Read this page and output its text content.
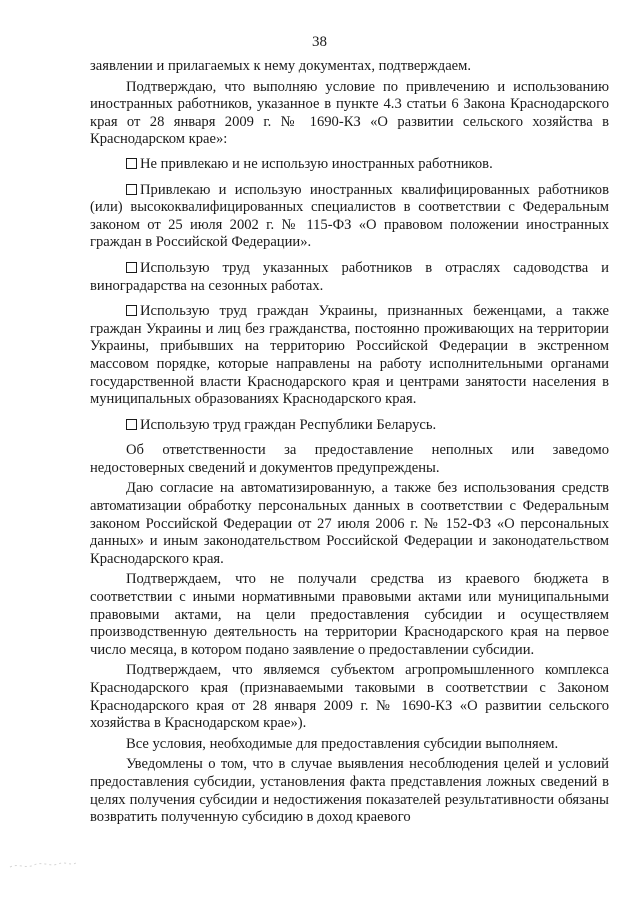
38

заявлении и прилагаемых к нему документах, подтверждаем.

Подтверждаю, что выполняю условие по привлечению и использованию иностранных работников, указанное в пункте 4.3 статьи 6 Закона Краснодарского края от 28 января 2009 г. № 1690-КЗ «О развитии сельского хозяйства в Краснодарском крае»:

Не привлекаю и не использую иностранных работников.

Привлекаю и использую иностранных квалифицированных работников (или) высококвалифицированных специалистов в соответствии с Федеральным законом от 25 июля 2002 г. № 115-ФЗ «О правовом положении иностранных граждан в Российской Федерации».

Использую труд указанных работников в отраслях садоводства и виноградарства на сезонных работах.

Использую труд граждан Украины, признанных беженцами, а также граждан Украины и лиц без гражданства, постоянно проживающих на территории Украины, прибывших на территорию Российской Федерации в экстренном массовом порядке, которые направлены на работу исполнительными органами государственной власти Краснодарского края и центрами занятости населения в муниципальных образованиях Краснодарского края.

Использую труд граждан Республики Беларусь.

Об ответственности за предоставление неполных или заведомо недостоверных сведений и документов предупреждены.

Даю согласие на автоматизированную, а также без использования средств автоматизации обработку персональных данных в соответствии с Федеральным законом Российской Федерации от 27 июля 2006 г. № 152-ФЗ «О персональных данных» и иным законодательством Российской Федерации и законодательством Краснодарского края.

Подтверждаем, что не получали средства из краевого бюджета в соответствии с иными нормативными правовыми актами или муниципальными правовыми актами, на цели предоставления субсидии и осуществляем производственную деятельность на территории Краснодарского края на первое число месяца, в котором подано заявление о предоставлении субсидии.

Подтверждаем, что являемся субъектом агропромышленного комплекса Краснодарского края (признаваемыми таковыми в соответствии с Законом Краснодарского края от 28 января 2009 г. № 1690-КЗ «О развитии сельского хозяйства в Краснодарском крае»).

Все условия, необходимые для предоставления субсидии выполняем.

Уведомлены о том, что в случае выявления несоблюдения целей и условий предоставления субсидии, установления факта представления ложных сведений в целях получения субсидии и недостижения показателей результативности обязаны возвратить полученную субсидию в доход краевого
